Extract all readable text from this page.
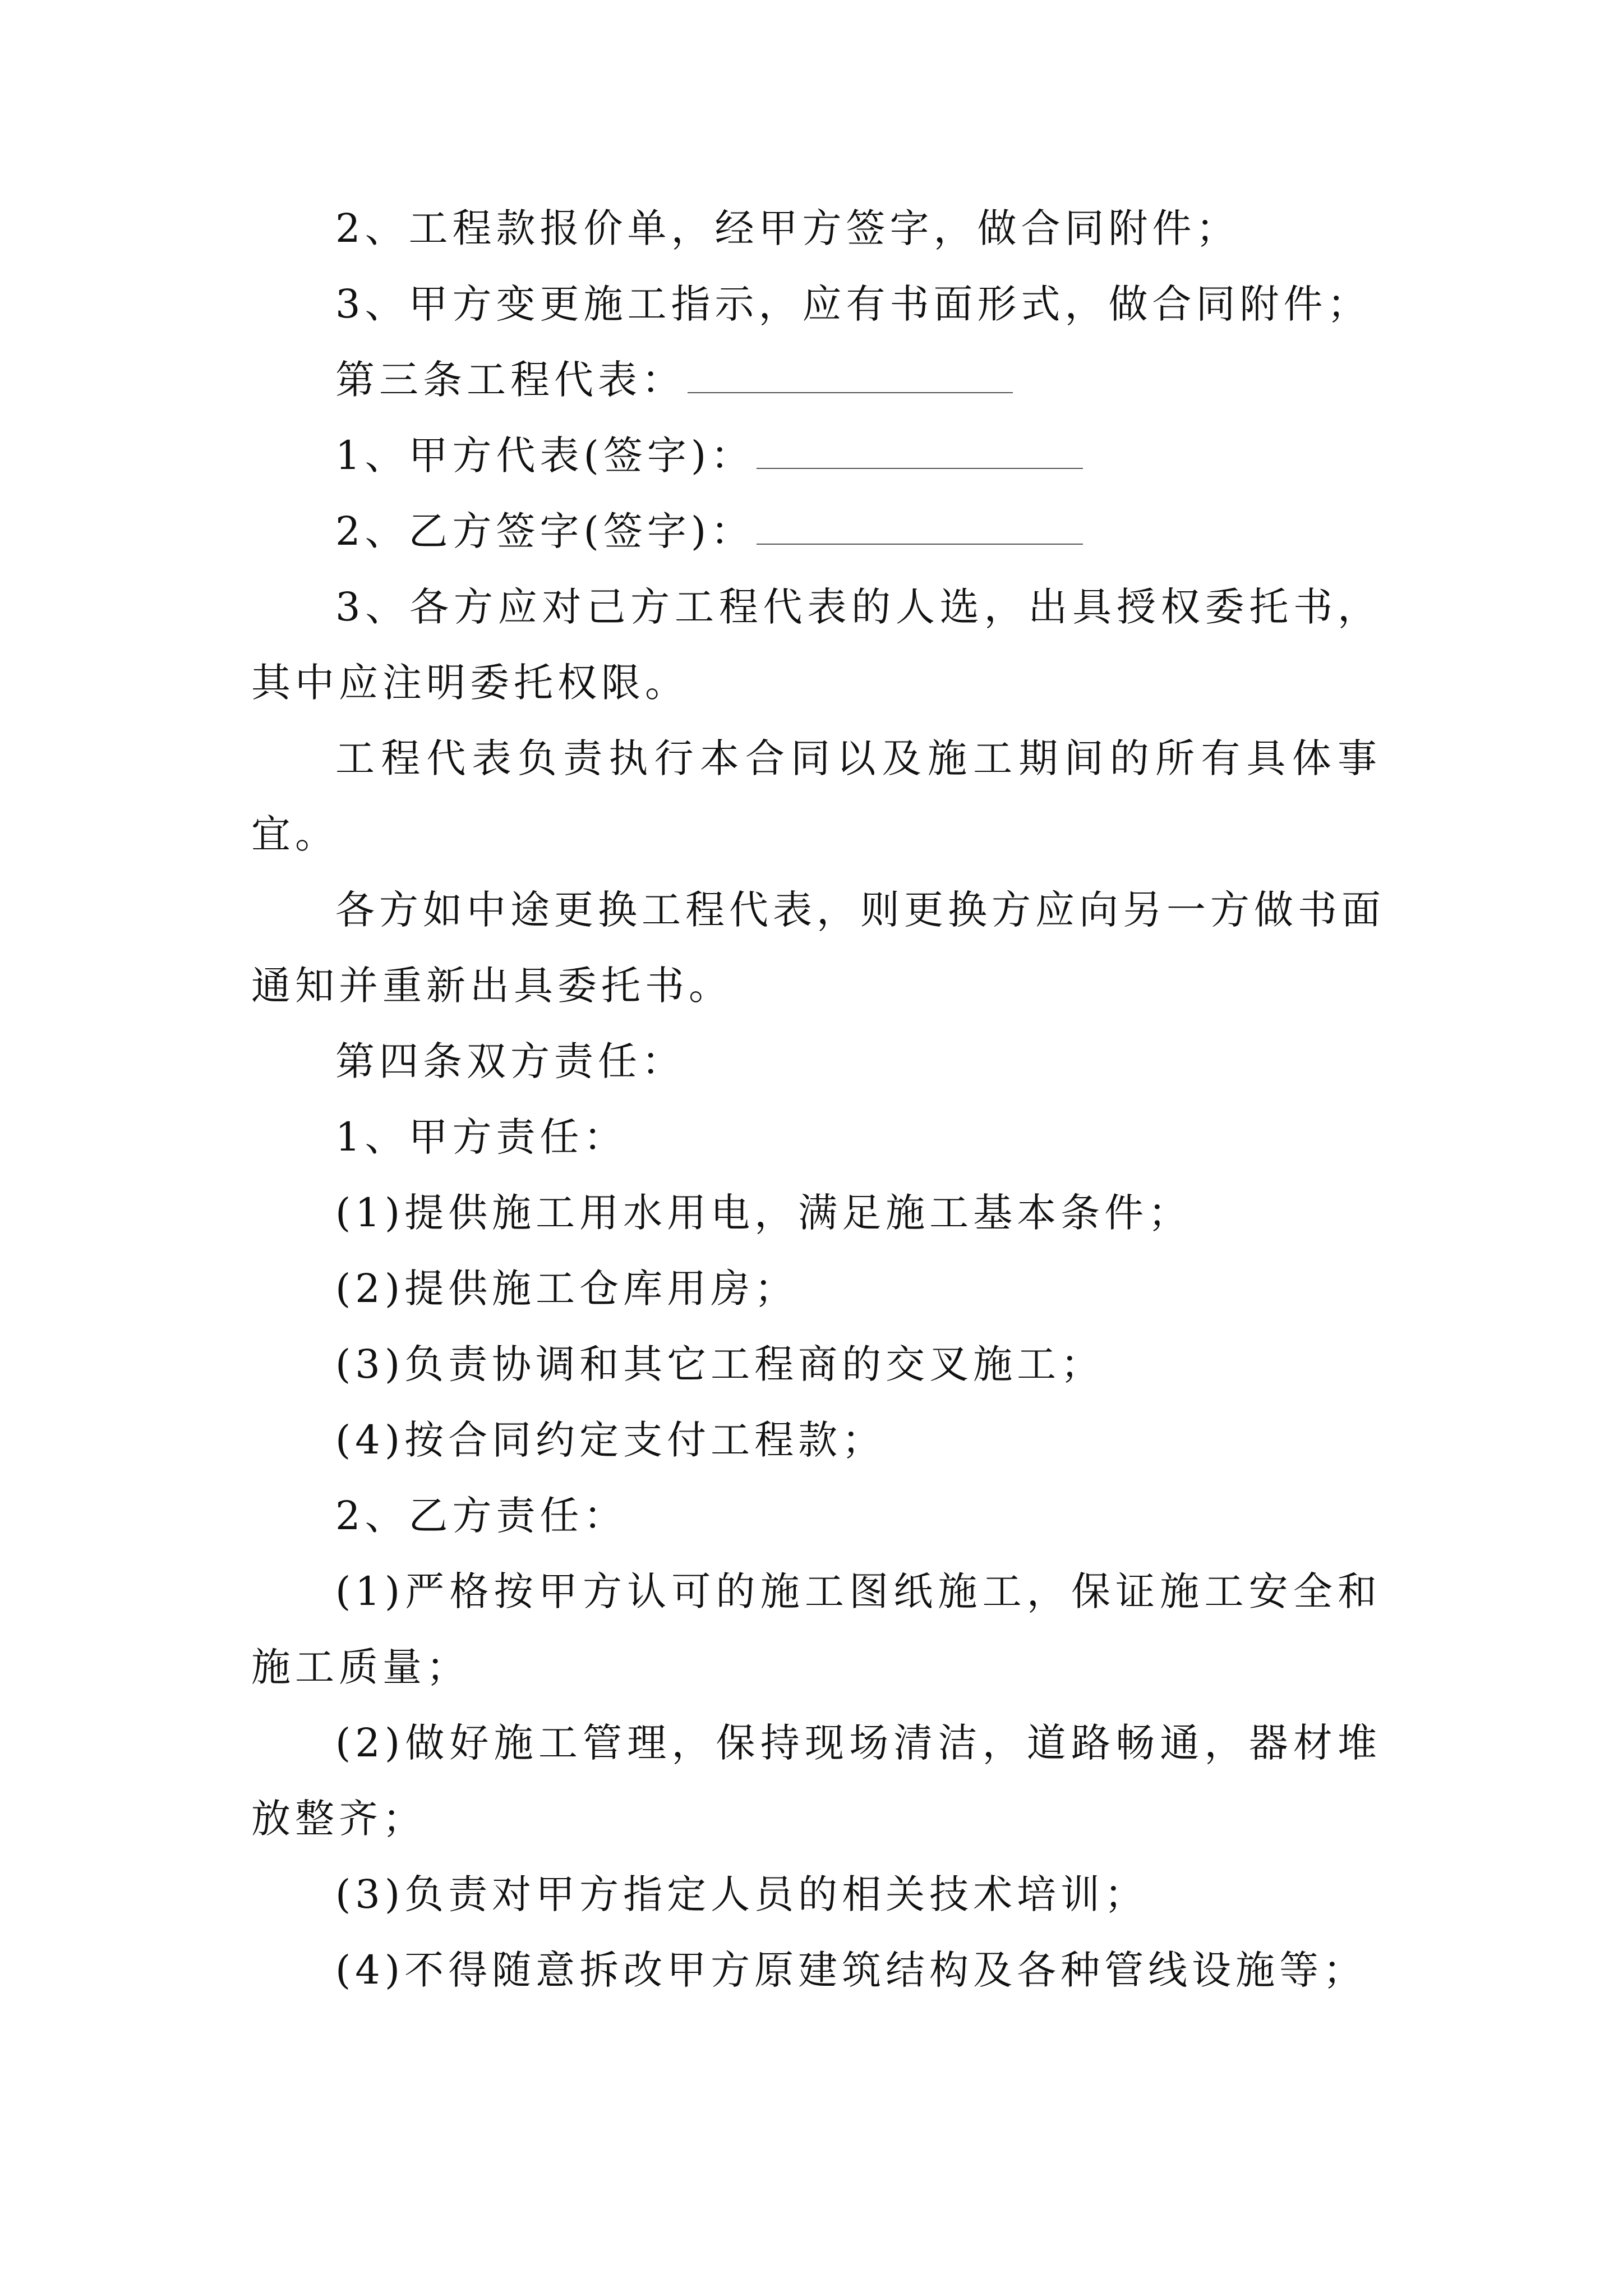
2、工程款报价单，经甲方签字，做合同附件；

3、甲方变更施工指示，应有书面形式，做合同附件；

第三条工程代表：

1、甲方代表(签字)：

2、乙方签字(签字)：

3、各方应对己方工程代表的人选，出具授权委托书，

其中应注明委托权限。

工程代表负责执行本合同以及施工期间的所有具体事

宜。

各方如中途更换工程代表，则更换方应向另一方做书面

通知并重新出具委托书。

第四条双方责任：

1、甲方责任：

(1)提供施工用水用电，满足施工基本条件；

(2)提供施工仓库用房；

(3)负责协调和其它工程商的交叉施工；

(4)按合同约定支付工程款；

2、乙方责任：

(1)严格按甲方认可的施工图纸施工，保证施工安全和

施工质量；

(2)做好施工管理，保持现场清洁，道路畅通，器材堆

放整齐；

(3)负责对甲方指定人员的相关技术培训；

(4)不得随意拆改甲方原建筑结构及各种管线设施等；
